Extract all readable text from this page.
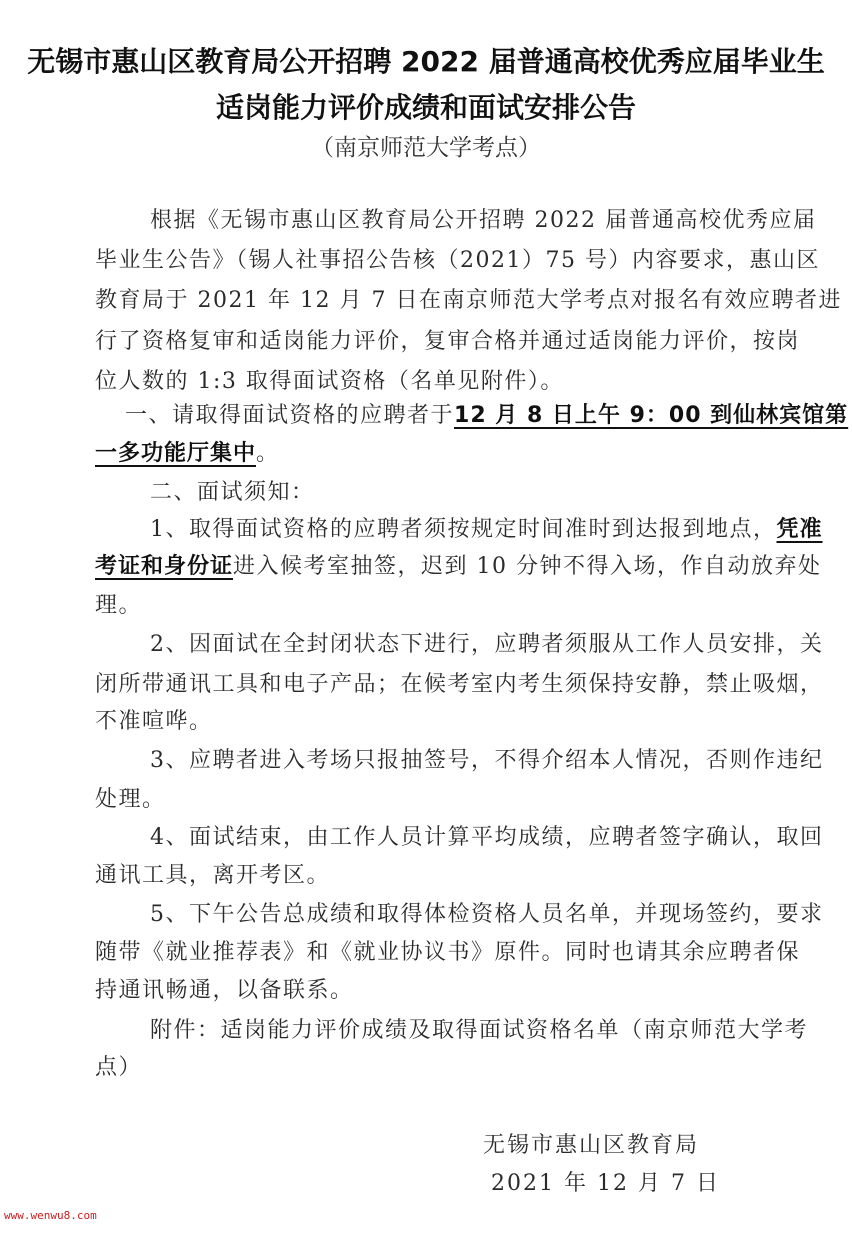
无锡市惠山区教育局公开招聘 2022 届普通高校优秀应届毕业生
适岗能力评价成绩和面试安排公告
（南京师范大学考点）
根据《无锡市惠山区教育局公开招聘 2022 届普通高校优秀应届
毕业生公告》（锡人社事招公告核（2021）75 号）内容要求，惠山区
教育局于 2021 年 12 月 7 日在南京师范大学考点对报名有效应聘者进
行了资格复审和适岗能力评价，复审合格并通过适岗能力评价，按岗
位人数的 1:3 取得面试资格（名单见附件）。
一、请取得面试资格的应聘者于12 月 8 日上午 9：00 到仙林宾馆第
一多功能厅集中。
二、面试须知：
1、取得面试资格的应聘者须按规定时间准时到达报到地点，凭准
考证和身份证进入候考室抽签，迟到 10 分钟不得入场，作自动放弃处
理。
2、因面试在全封闭状态下进行，应聘者须服从工作人员安排，关
闭所带通讯工具和电子产品；在候考室内考生须保持安静，禁止吸烟，
不准喧哗。
3、应聘者进入考场只报抽签号，不得介绍本人情况，否则作违纪
处理。
4、面试结束，由工作人员计算平均成绩，应聘者签字确认，取回
通讯工具，离开考区。
5、下午公告总成绩和取得体检资格人员名单，并现场签约，要求
随带《就业推荐表》和《就业协议书》原件。同时也请其余应聘者保
持通讯畅通，以备联系。
附件：适岗能力评价成绩及取得面试资格名单（南京师范大学考
点）
无锡市惠山区教育局
2021 年 12 月 7 日
www.wenwu8.com
